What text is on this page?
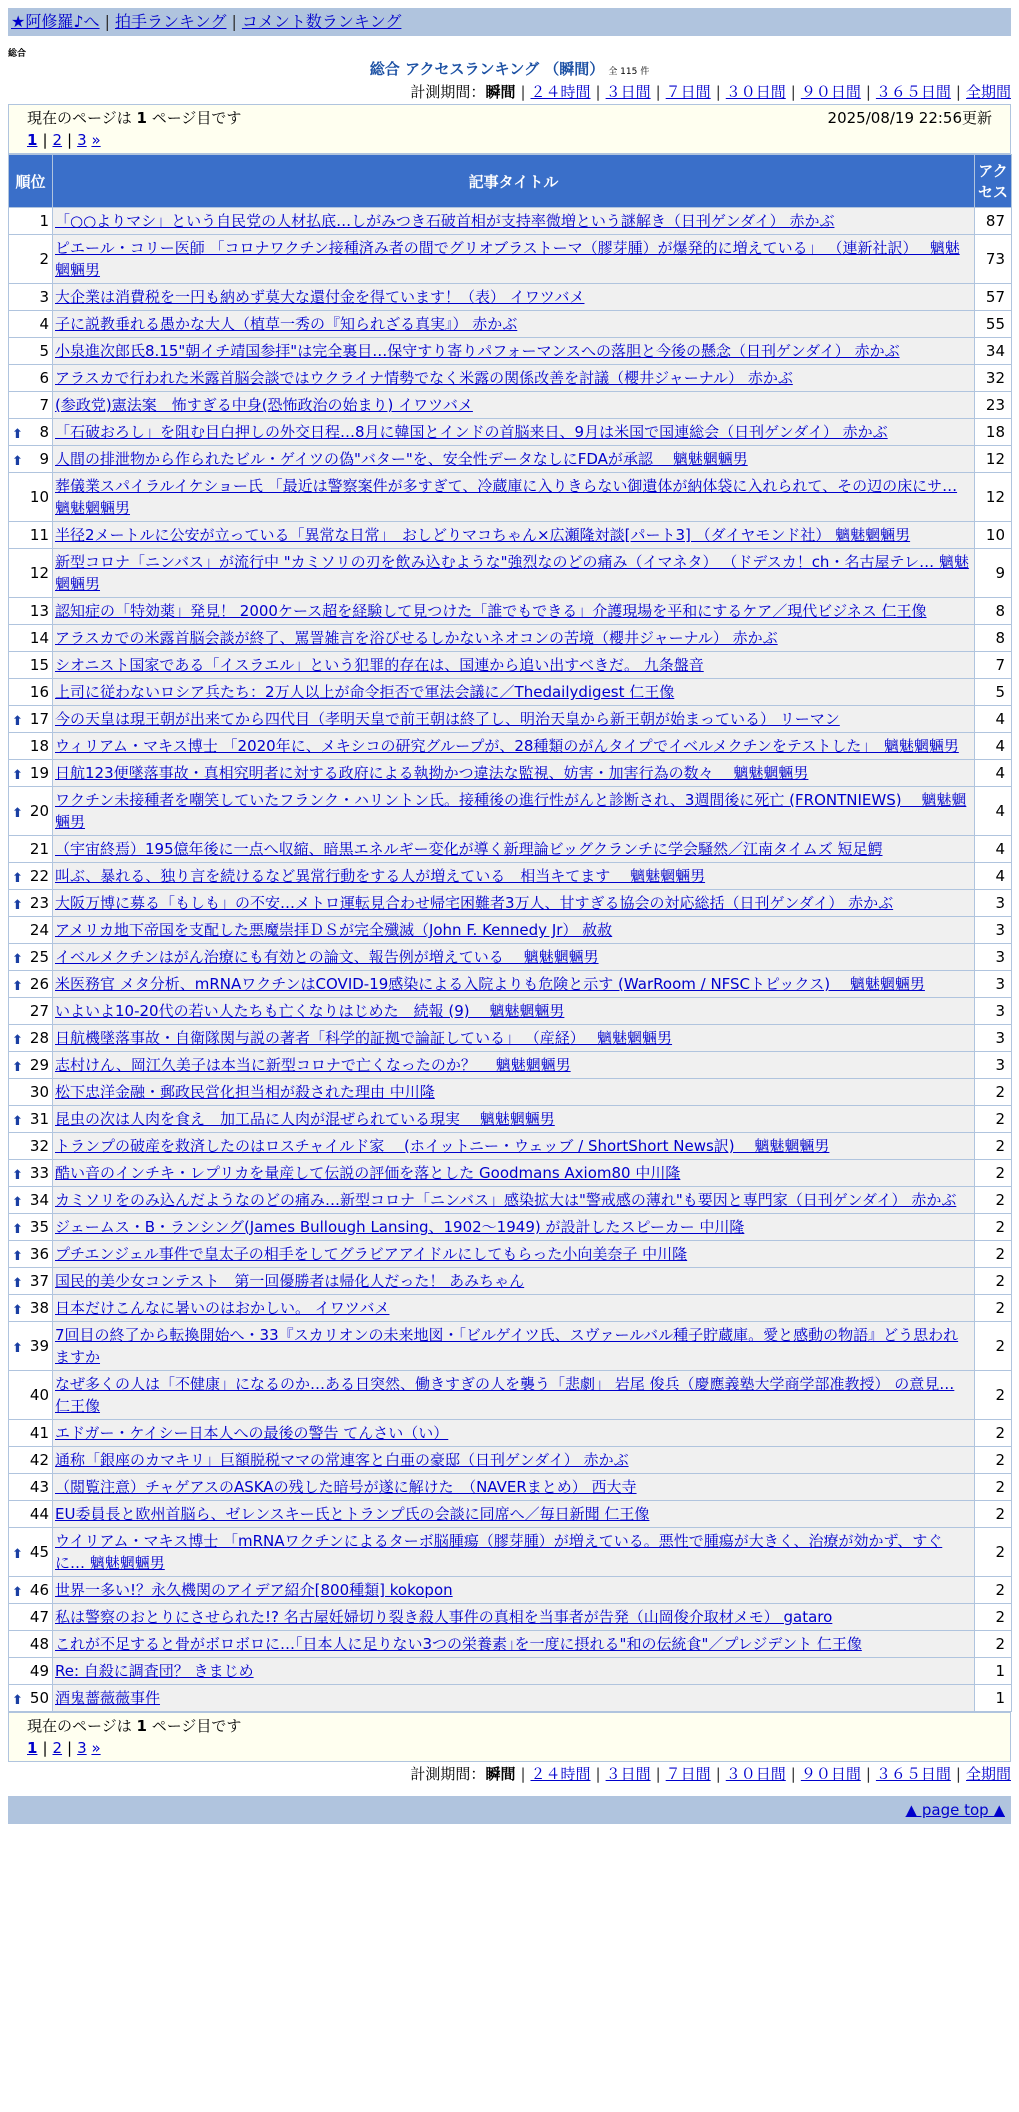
★阿修羅♪へ | 拍手ランキング | コメント数ランキング
総合
総合 アクセスランキング （瞬間） 全 115 件
計測期間：瞬間 | ２４時間 | ３日間 | ７日間 | ３０日間 | ９０日間 | ３６５日間 | 全期間
現在のページは 1 ページ目です	2025/08/19 22:56更新
1 | 2 | 3 »
順位	記事タイトル	アクセス
1	「○○よりマシ」という自民党の人材払底…しがみつき石破首相が支持率微増という謎解き（日刊ゲンダイ） 赤かぶ	87
2	ピエール・コリー医師 「コロナワクチン接種済み者の間でグリオブラストーマ（膠芽腫）が爆発的に増えている」 （連新社訳）　 魑魅魍魎男	73
3	大企業は消費税を一円も納めず莫大な還付金を得ています！（表） イワツバメ	57
4	子に説教垂れる愚かな大人（植草一秀の『知られざる真実』） 赤かぶ	55
5	小泉進次郎氏8.15"朝イチ靖国参拝"は完全裏目…保守すり寄りパフォーマンスへの落胆と今後の懸念（日刊ゲンダイ） 赤かぶ	34
6	アラスカで行われた米露首脳会談ではウクライナ情勢でなく米露の関係改善を討議（櫻井ジャーナル） 赤かぶ	32
7	(参政党)憲法案　怖すぎる中身(恐怖政治の始まり) イワツバメ	23

⬆ 8	「石破おろし」を阻む目白押しの外交日程…8月に韓国とインドの首脳来日、9月は米国で国連総会（日刊ゲンダイ） 赤かぶ	18

⬆ 9	人間の排泄物から作られたビル・ゲイツの偽"バター"を、安全性データなしにFDAが承認　 魑魅魍魎男	12
10	葬儀業スパイラルイケショー氏 「最近は警察案件が多すぎて、冷蔵庫に入りきらない御遺体が納体袋に入れられて、その辺の床にサ… 魑魅魍魎男	12
11	半径2メートルに公安が立っている「異常な日常」　おしどりマコちゃん×広瀬隆対談[パート3] （ダイヤモンド社） 魑魅魍魎男	10
12	新型コロナ「ニンバス」が流行中 "カミソリの刃を飲み込むような"強烈なのどの痛み（イマネタ） （ドデスカ！ch・名古屋テレ… 魑魅魍魎男	9
13	認知症の「特効薬」発見！ 2000ケース超を経験して見つけた「誰でもできる」介護現場を平和にするケア／現代ビジネス 仁王像	8
14	アラスカでの米露首脳会談が終了、罵詈雑言を浴びせるしかないネオコンの苦境（櫻井ジャーナル） 赤かぶ	8
15	シオニスト国家である「イスラエル」という犯罪的存在は、国連から追い出すべきだ。 九条盤音	7
16	上司に従わないロシア兵たち：2万人以上が命令拒否で軍法会議に／Thedailydigest 仁王像	5

⬆ 17	今の天皇は現王朝が出来てから四代目（孝明天皇で前王朝は終了し、明治天皇から新王朝が始まっている） リーマン	4
18	ウィリアム・マキス博士 「2020年に、メキシコの研究グループが、28種類のがんタイプでイベルメクチンをテストした」　魑魅魍魎男	4

⬆ 19	日航123便墜落事故・真相究明者に対する政府による執拗かつ違法な監視、妨害・加害行為の数々　 魑魅魍魎男	4

⬆ 20	ワクチン未接種者を嘲笑していたフランク・ハリントン氏。接種後の進行性がんと診断され、3週間後に死亡 (FRONTNIEWS)　 魑魅魍魎男	4
21	（宇宙終焉）195億年後に一点へ収縮、暗黒エネルギー変化が導く新理論ビッグクランチに学会騒然／江南タイムズ 短足鰐	4

⬆ 22	叫ぶ、暴れる、独り言を続けるなど異常行動をする人が増えている　相当キてます　 魑魅魍魎男	4

⬆ 23	大阪万博に募る「もしも」の不安…メトロ運転見合わせ帰宅困難者3万人、甘すぎる協会の対応総括（日刊ゲンダイ） 赤かぶ	3
24	アメリカ地下帝国を支配した悪魔崇拝ＤＳが完全殲滅（John F. Kennedy Jr） 赦赦	3

⬆ 25	イベルメクチンはがん治療にも有効との論文、報告例が増えている　 魑魅魍魎男	3

⬆ 26	米医務官 メタ分析、mRNAワクチンはCOVID-19感染による入院よりも危険と示す (WarRoom / NFSCトピックス)　 魑魅魍魎男	3
27	いよいよ10-20代の若い人たちも亡くなりはじめた　続報 (9)　 魑魅魍魎男	3

⬆ 28	日航機墜落事故・自衛隊関与説の著者「科学的証拠で論証している」 （産経）　 魑魅魍魎男	3

⬆ 29	志村けん、岡江久美子は本当に新型コロナで亡くなったのか？　 魑魅魍魎男	3
30	松下忠洋金融・郵政民営化担当相が殺された理由 中川隆	2

⬆ 31	昆虫の次は人肉を食え　加工品に人肉が混ぜられている現実　 魑魅魍魎男	2
32	トランプの破産を救済したのはロスチャイルド家　 (ホイットニー・ウェッブ / ShortShort News訳)　 魑魅魍魎男	2

⬆ 33	酷い音のインチキ・レプリカを量産して伝説の評価を落とした Goodmans Axiom80 中川隆	2

⬆ 34	カミソリをのみ込んだようなのどの痛み…新型コロナ「ニンバス」感染拡大は"警戒感の薄れ"も要因と専門家（日刊ゲンダイ） 赤かぶ	2

⬆ 35	ジェームス・B・ランシング(James Bullough Lansing、1902～1949) が設計したスピーカー 中川隆	2

⬆ 36	プチエンジェル事件で皇太子の相手をしてグラビアアイドルにしてもらった小向美奈子 中川隆	2

⬆ 37	国民的美少女コンテスト　第一回優勝者は帰化人だった！ あみちゃん	2

⬆ 38	日本だけこんなに暑いのはおかしい。 イワツバメ	2

⬆ 39	7回目の終了から転換開始へ・33『スカリオンの未来地図・「ビルゲイツ氏、スヴァールバル種子貯蔵庫。愛と感動の物語』どう思われますか	2
40	なぜ多くの人は「不健康」になるのか…ある日突然、働きすぎの人を襲う「悲劇」 岩尾 俊兵（慶應義塾大学商学部准教授） の意見… 仁王像	2
41	エドガー・ケイシー日本人への最後の警告 てんさい（い）	2
42	通称「銀座のカマキリ」巨額脱税ママの常連客と白亜の豪邸（日刊ゲンダイ） 赤かぶ	2
43	（閲覧注意）チャゲアスのASKAの残した暗号が遂に解けた　（NAVERまとめ） 西大寺	2
44	EU委員長と欧州首脳ら、ゼレンスキー氏とトランプ氏の会談に同席へ／毎日新聞 仁王像	2

⬆ 45	ウイリアム・マキス博士 「mRNAワクチンによるターボ脳腫瘍（膠芽腫）が増えている。悪性で腫瘍が大きく、治療が効かず、すぐに… 魑魅魍魎男	2

⬆ 46	世界一多い!？永久機関のアイデア紹介[800種類] kokopon	2
47	私は警察のおとりにさせられた!? 名古屋妊婦切り裂き殺人事件の真相を当事者が告発（山岡俊介取材メモ） gataro	2
48	これが不足すると骨がボロボロに…｢日本人に足りない3つの栄養素｣を一度に摂れる"和の伝統食"／プレジデント 仁王像	2
49	Re: 自殺に調査団？ きまじめ	1

⬆ 50	酒鬼薔薇薇事件	1
現在のページは 1 ページ目です
1 | 2 | 3 »
計測期間：瞬間 | ２４時間 | ３日間 | ７日間 | ３０日間 | ９０日間 | ３６５日間 | 全期間
▲ page top ▲
